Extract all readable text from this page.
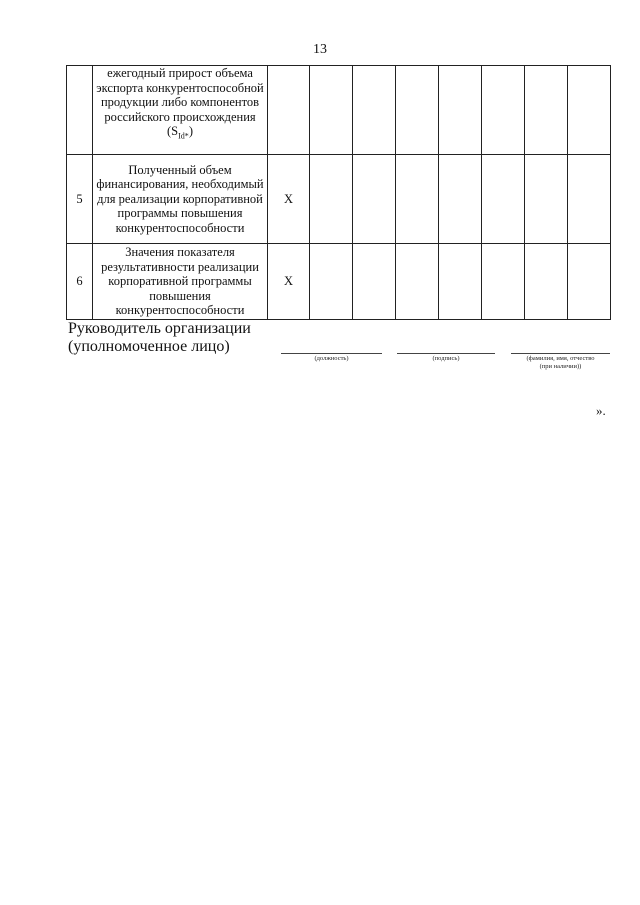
13
	ежегодный прирост объема экспорта конкурентоспособной продукции либо компонентов российского происхождения $(S_{Id*})$								
5	Полученный объем финансирования, необходимый для реализации корпоративной программы повышения конкурентоспособности	Х							
6	Значения показателя результативности реализации корпоративной программы повышения конкурентоспособности	Х							
Руководитель организации
(уполномоченное лицо)
(должность)	(подпись)	(фамилия, имя, отчество
(при наличии))
».
